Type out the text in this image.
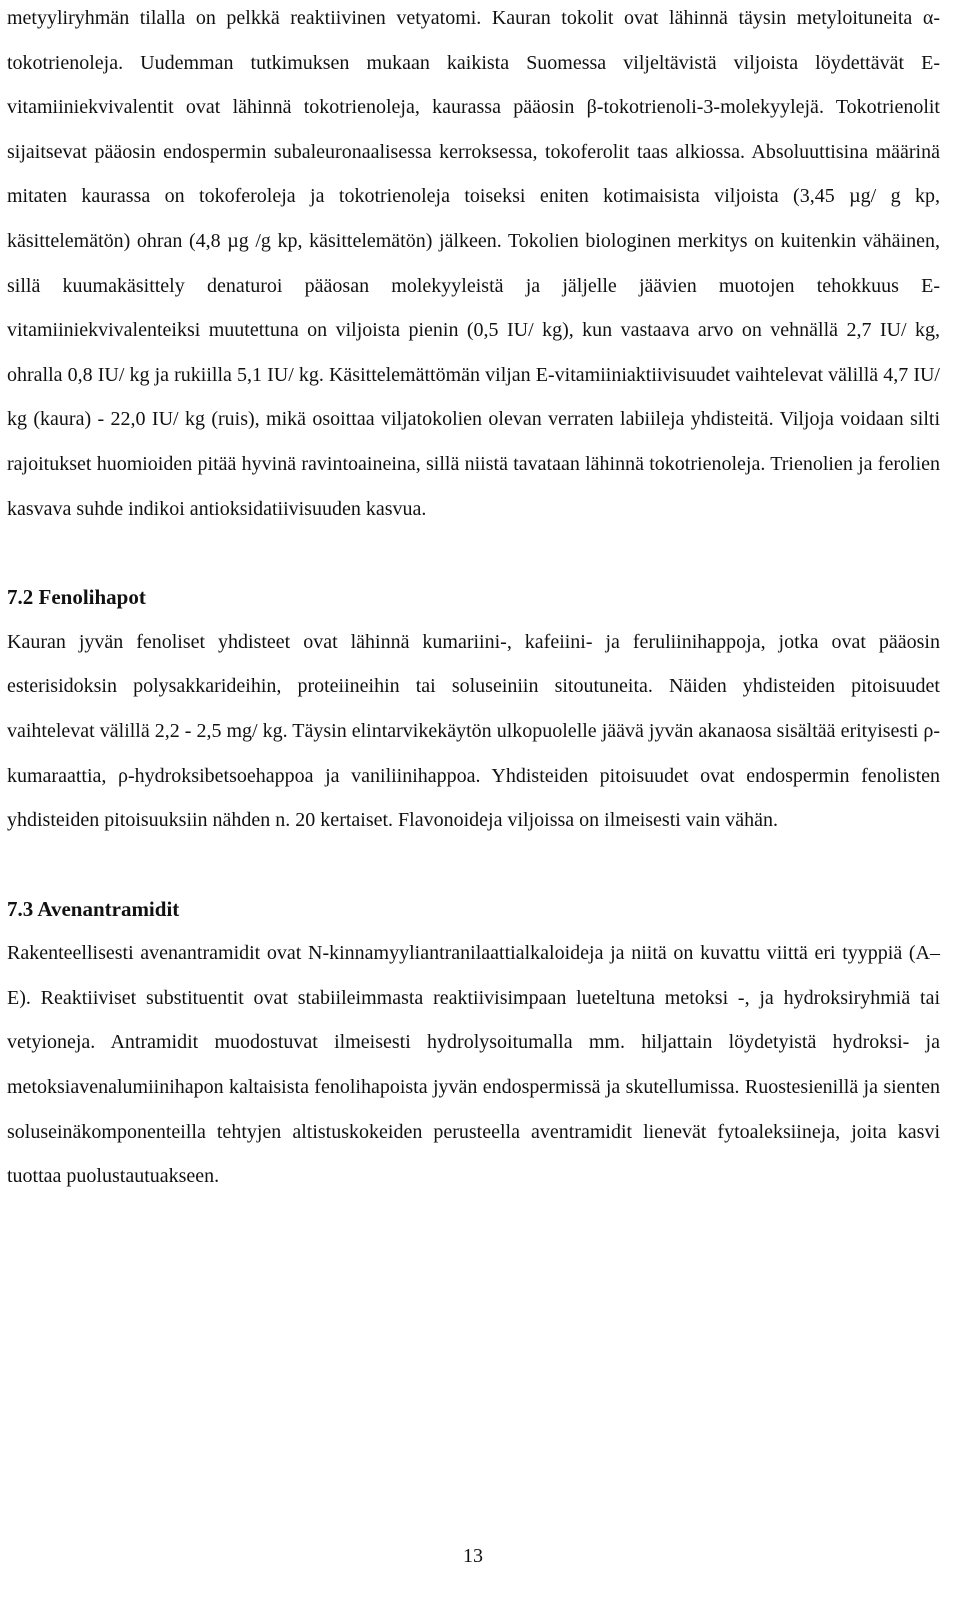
metyyliryhmän tilalla on pelkkä reaktiivinen vetyatomi. Kauran tokolit ovat lähinnä täysin metyloituneita α-tokotrienoleja. Uudemman tutkimuksen mukaan kaikista Suomessa viljeltävistä viljoista löydettävät E-vitamiiniekvivalentit ovat lähinnä tokotrienoleja, kaurassa pääosin β-tokotrienoli-3-molekyylejä. Tokotrienolit sijaitsevat pääosin endospermin subaleuronaalisessa kerroksessa, tokoferolit taas alkiossa. Absoluuttisina määrinä mitaten kaurassa on tokoferoleja ja tokotrienoleja toiseksi eniten kotimaisista viljoista (3,45 µg/ g kp, käsittelemätön) ohran (4,8 µg /g kp, käsittelemätön) jälkeen. Tokolien biologinen merkitys on kuitenkin vähäinen, sillä kuumakäsittely denaturoi pääosan molekyyleistä ja jäljelle jäävien muotojen tehokkuus E-vitamiiniekvivalenteiksi muutettuna on viljoista pienin (0,5 IU/ kg), kun vastaava arvo on vehnällä 2,7 IU/ kg, ohralla 0,8 IU/ kg ja rukiilla 5,1 IU/ kg. Käsittelemättömän viljan E-vitamiiniaktiivisuudet vaihtelevat välillä 4,7 IU/ kg (kaura) - 22,0 IU/ kg (ruis), mikä osoittaa viljatokolien olevan verraten labiileja yhdisteitä. Viljoja voidaan silti rajoitukset huomioiden pitää hyvinä ravintoaineina, sillä niistä tavataan lähinnä tokotrienoleja. Trienolien ja ferolien kasvava suhde indikoi antioksidatiivisuuden kasvua.

7.2 Fenolihapot

Kauran jyvän fenoliset yhdisteet ovat lähinnä kumariini-, kafeiini- ja feruliinihappoja, jotka ovat pääosin esterisidoksin polysakkarideihin, proteiineihin tai soluseiniin sitoutuneita. Näiden yhdisteiden pitoisuudet vaihtelevat välillä 2,2 - 2,5 mg/ kg. Täysin elintarvikekäytön ulkopuolelle jäävä jyvän akanaosa sisältää erityisesti ρ-kumaraattia, ρ-hydroksibetsoehappoa ja vaniliinihappoa. Yhdisteiden pitoisuudet ovat endospermin fenolisten yhdisteiden pitoisuuksiin nähden n. 20 kertaiset. Flavonoideja viljoissa on ilmeisesti vain vähän.

7.3 Avenantramidit

Rakenteellisesti avenantramidit ovat N-kinnamyyliantranilaattialkaloideja ja niitä on kuvattu viittä eri tyyppiä (A–E). Reaktiiviset substituentit ovat stabiileimmasta reaktiivisimpaan lueteltuna metoksi -, ja hydroksiryhmiä tai vetyioneja. Antramidit muodostuvat ilmeisesti hydrolysoitumalla mm. hiljattain löydetyistä hydroksi- ja metoksiavenalumiinihapon kaltaisista fenolihapoista jyvän endospermissä ja skutellumissa. Ruostesienillä ja sienten soluseinäkomponenteilla tehtyjen altistuskokeiden perusteella aventramidit lienevät fytoaleksiineja, joita kasvi tuottaa puolustautuakseen.

13
